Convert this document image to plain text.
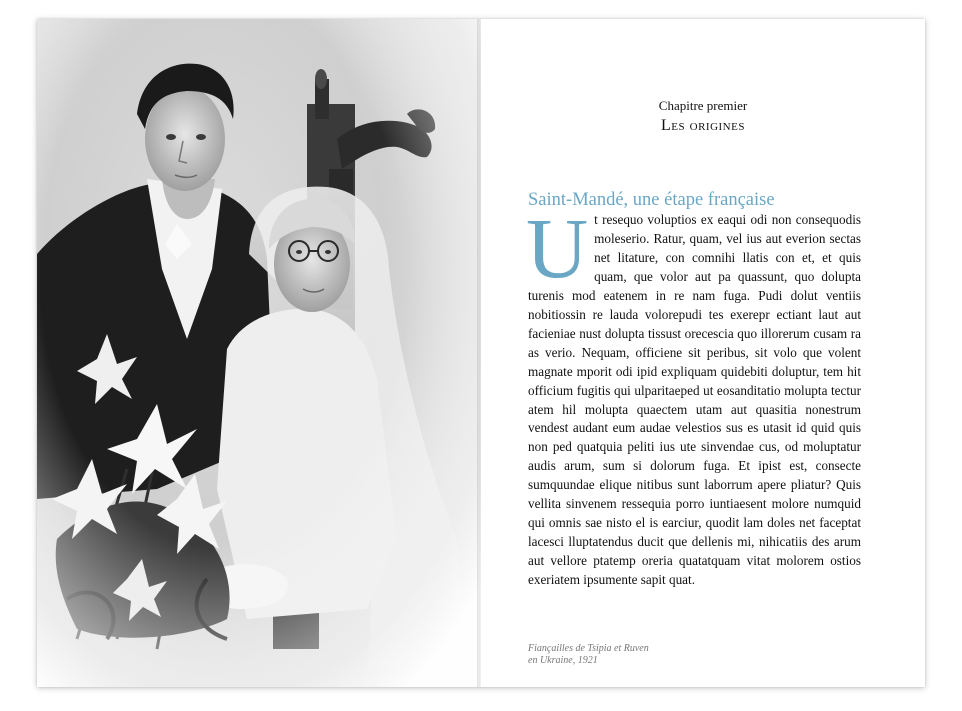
Chapitre premier
Les origines
Saint-Mandé, une étape française
U t resequo voluptios ex eaqui odi non consequodis moleserio. Ratur, quam, vel ius aut everion sectas net litature, con comnihi llatis con et, et quis quam, que volor aut pa quassunt, quo dolupta turenis mod eatenem in re nam fuga. Pudi dolut ventiis nobitiossin re lauda volorepudi tes exerepr ectiant laut aut facieniae nust dolupta tissust orecescia quo illorerum cusam ra as verio. Nequam, officiene sit peribus, sit volo que volent magnate mporit odi ipid expliquam quidebiti doluptur, tem hit officium fugitis qui ulparitaeped ut eosanditatio molupta tectur atem hil molupta quaectem utam aut quasitia nonestrum vendest audant eum audae velestios sus es utasit id quid quis non ped quatquia peliti ius ute sinvendae cus, od moluptatur audis arum, sum si dolorum fuga. Et ipist est, consecte sumquundae elique nitibus sunt laborrum apere pliatur? Quis vellita sinvenem ressequia porro iuntiaesent molore numquid qui omnis sae nisto el is earciur, quodit lam doles net faceptat lacesci lluptatendus ducit que dellenis mi, nihicatiis des arum aut vellore ptatemp oreria quatatquam vitat molorem ostios exeriatem ipsumente sapit quat.
Fiançailles de Tsipia et Ruven
en Ukraine, 1921
